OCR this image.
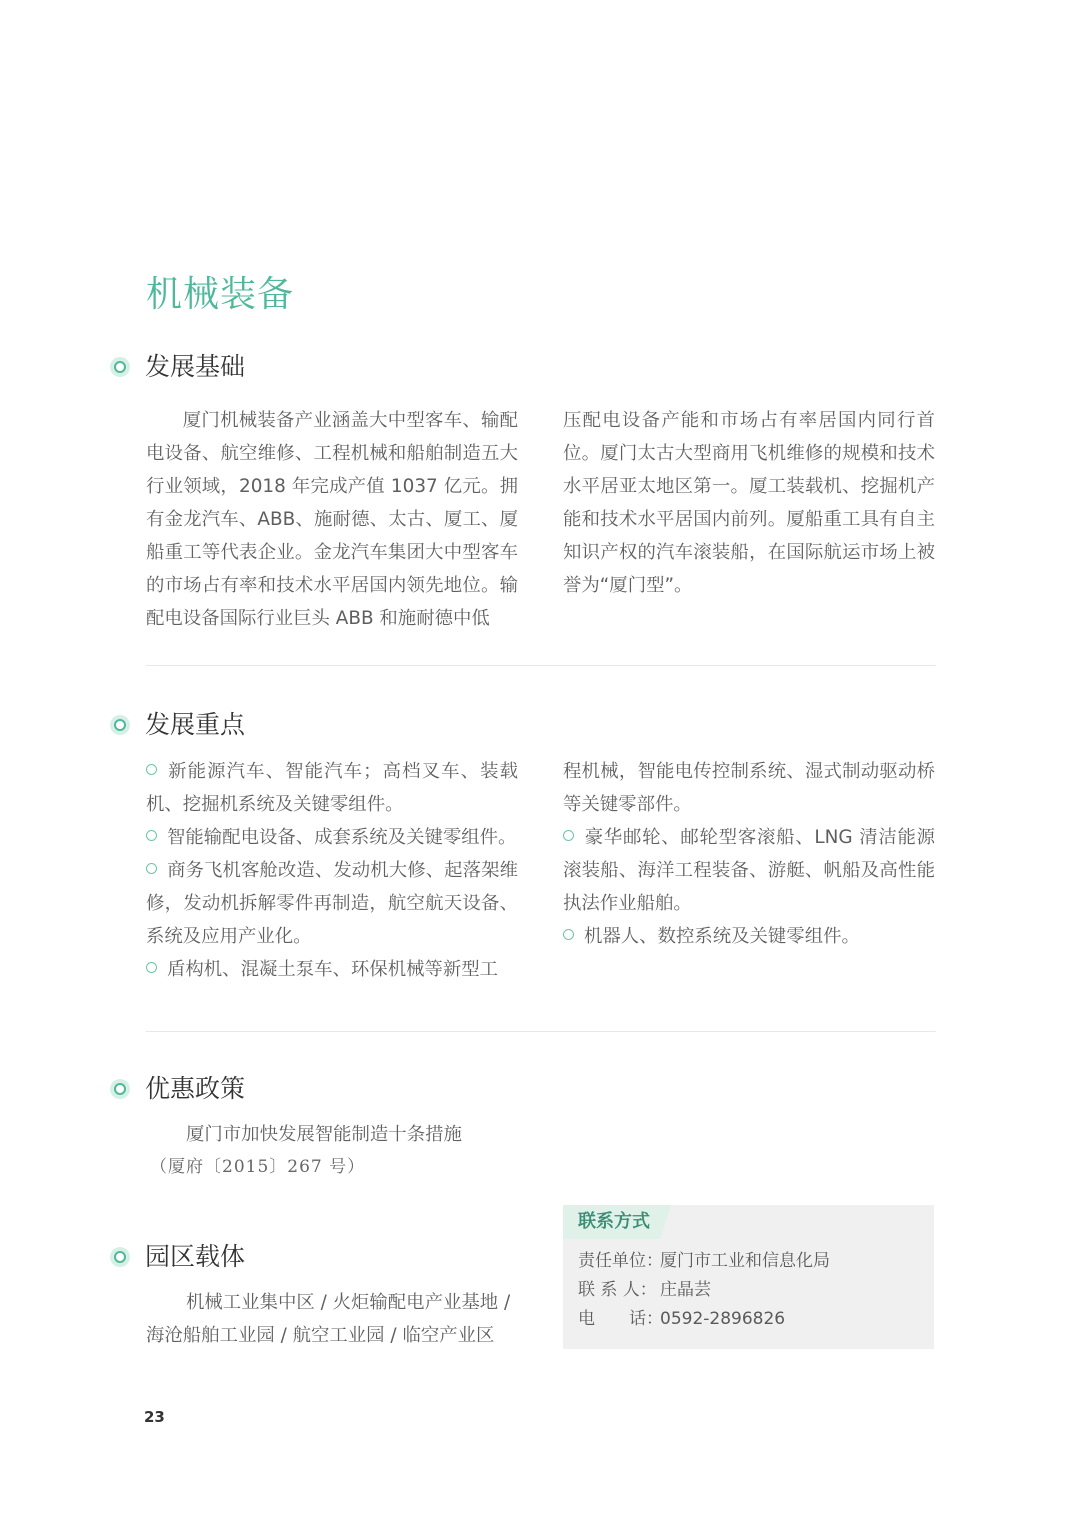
机械装备
发展基础

厦门机械装备产业涵盖大中型客车、输配电设备、航空维修、工程机械和船舶制造五大行业领域，2018 年完成产值 1037 亿元。拥有金龙汽车、ABB、施耐德、太古、厦工、厦船重工等代表企业。金龙汽车集团大中型客车的市场占有率和技术水平居国内领先地位。输配电设备国际行业巨头 ABB 和施耐德中低

压配电设备产能和市场占有率居国内同行首位。厦门太古大型商用飞机维修的规模和技术水平居亚太地区第一。厦工装载机、挖掘机产能和技术水平居国内前列。厦船重工具有自主知识产权的汽车滚装船，在国际航运市场上被誉为“厦门型”。

发展重点
新能源汽车、智能汽车；高档叉车、装载机、挖掘机系统及关键零组件。
智能输配电设备、成套系统及关键零组件。
商务飞机客舱改造、发动机大修、起落架维修，发动机拆解零件再制造，航空航天设备、系统及应用产业化。
盾构机、混凝土泵车、环保机械等新型工
程机械，智能电传控制系统、湿式制动驱动桥等关键零部件。
豪华邮轮、邮轮型客滚船、LNG 清洁能源滚装船、海洋工程装备、游艇、帆船及高性能执法作业船舶。
机器人、数控系统及关键零组件。
优惠政策
厦门市加快发展智能制造十条措施
（厦府〔2015〕267 号）
园区载体
机械工业集中区 / 火炬输配电产业基地 /
海沧船舶工业园 / 航空工业园 / 临空产业区
联系方式
责任单位：厦门市工业和信息化局
联 系 人： 庄晶芸
电　　话：0592-2896826
23
